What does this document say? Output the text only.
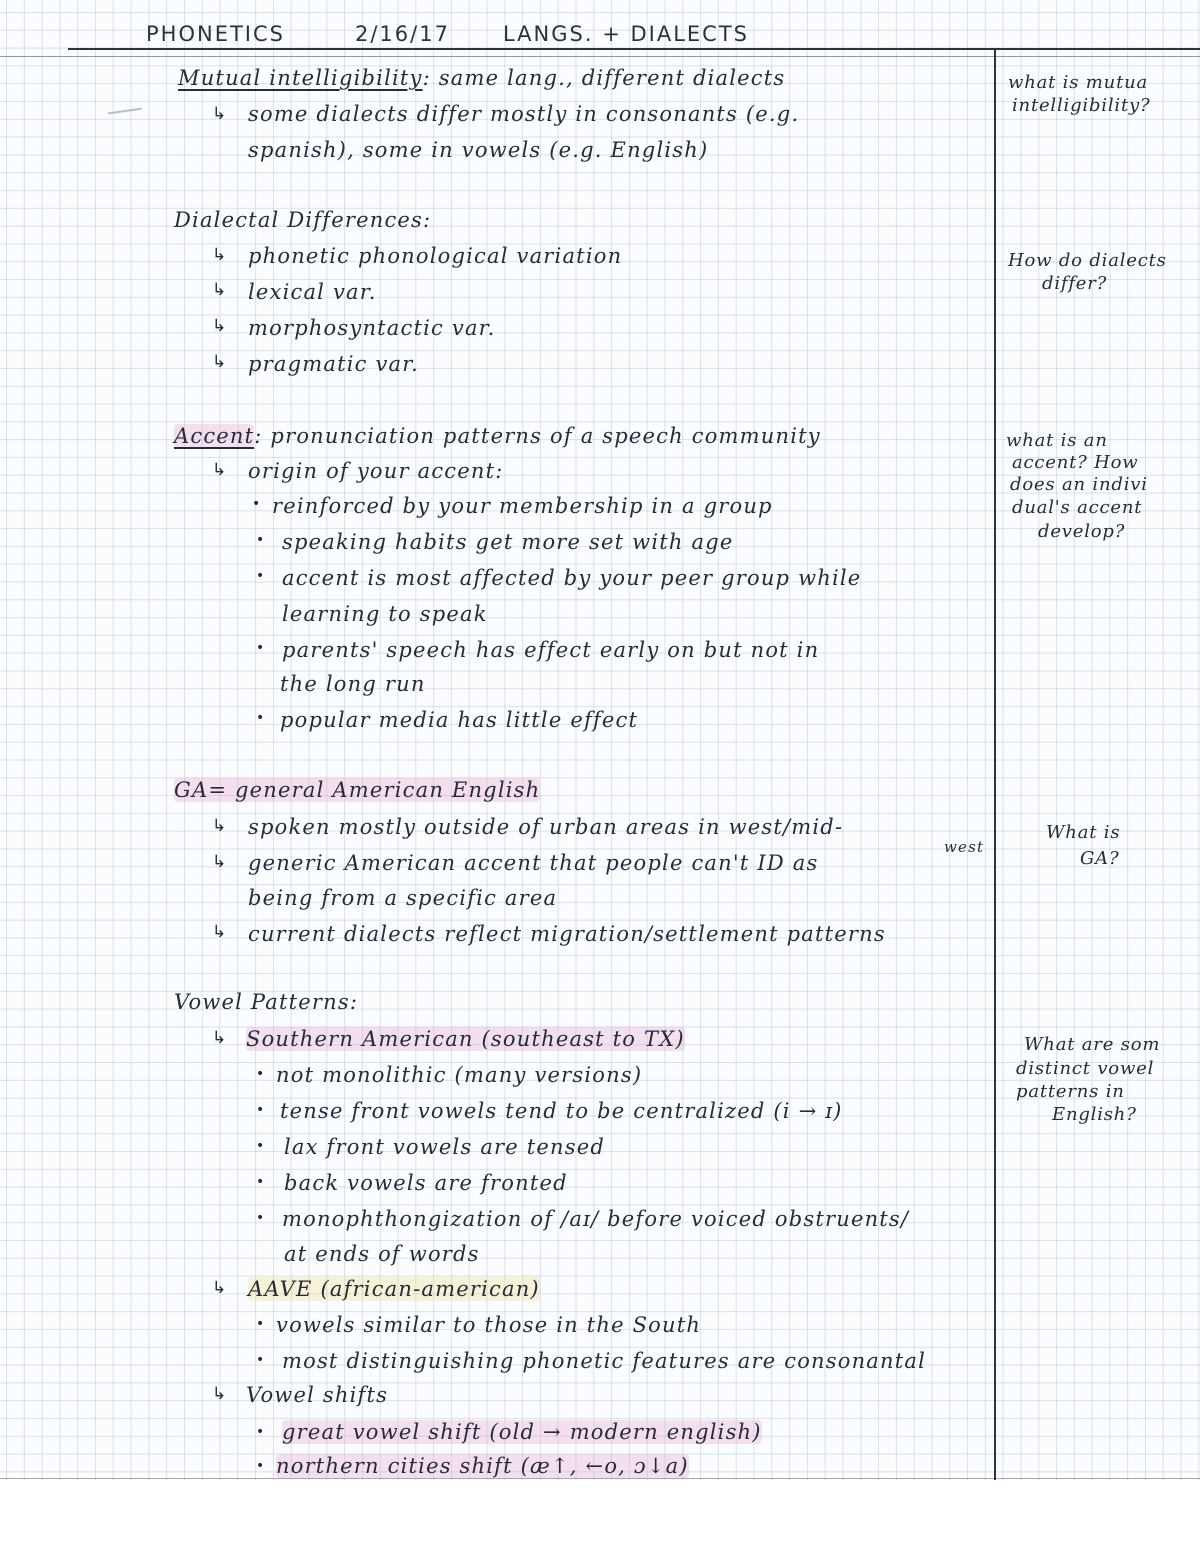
PHONETICS	2/16/17	LANGS. + DIALECTS
Mutual intelligibility: same lang., different dialects
↳ some dialects differ mostly in consonants (e.g.
spanish), some in vowels (e.g. English)
Dialectal Differences:
↳ phonetic phonological variation
↳ lexical var.
↳ morphosyntactic var.
↳ pragmatic var.
Accent: pronunciation patterns of a speech community
↳ origin of your accent:
• reinforced by your membership in a group
• speaking habits get more set with age
• accent is most affected by your peer group while
learning to speak
• parents' speech has effect early on but not in
the long run
• popular media has little effect
GA= general American English
↳ spoken mostly outside of urban areas in west/mid-
west
↳ generic American accent that people can't ID as
being from a specific area
↳ current dialects reflect migration/settlement patterns
Vowel Patterns:
↳ Southern American (southeast to TX)
• not monolithic (many versions)
• tense front vowels tend to be centralized (i → ɪ)
• lax front vowels are tensed
• back vowels are fronted
• monophthongization of /aɪ/ before voiced obstruents/
at ends of words
↳ AAVE (african-american)
• vowels similar to those in the South
• most distinguishing phonetic features are consonantal
↳ Vowel shifts
• great vowel shift (old → modern english)
• northern cities shift (æ↑, ←o, ɔ↓a)
what is mutua
intelligibility?
How do dialects
differ?
what is an
accent? How
does an indivi
dual's accent
develop?
What is
GA?
What are som
distinct vowel
patterns in
English?
